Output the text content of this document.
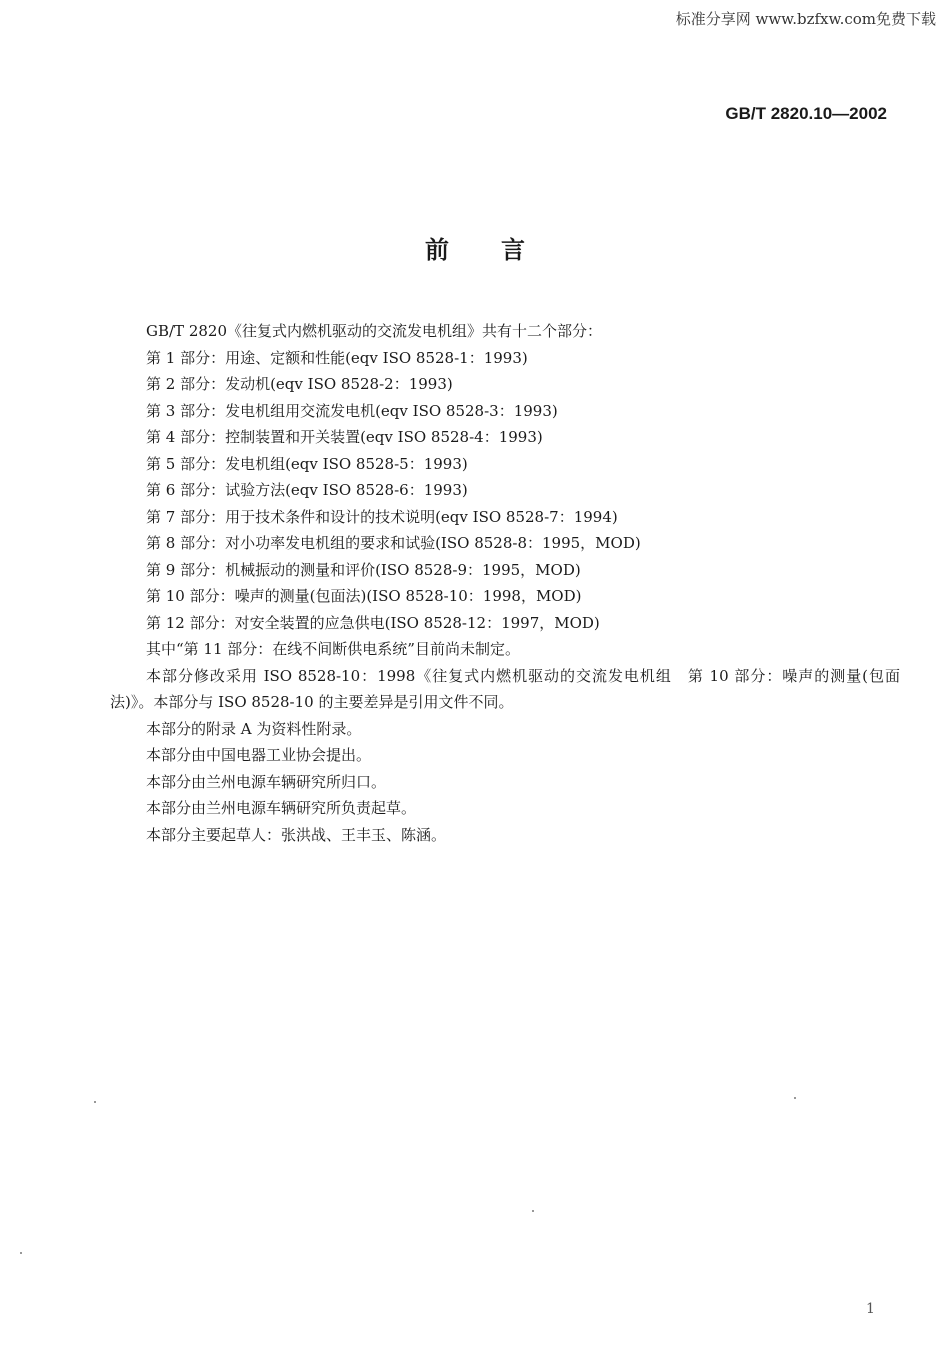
标准分享网 www.bzfxw.com免费下载
GB/T 2820.10—2002
前言

GB/T 2820《往复式内燃机驱动的交流发电机组》共有十二个部分：

第 1 部分：用途、定额和性能(eqv ISO 8528-1：1993)

第 2 部分：发动机(eqv ISO 8528-2：1993)

第 3 部分：发电机组用交流发电机(eqv ISO 8528-3：1993)

第 4 部分：控制装置和开关装置(eqv ISO 8528-4：1993)

第 5 部分：发电机组(eqv ISO 8528-5：1993)

第 6 部分：试验方法(eqv ISO 8528-6：1993)

第 7 部分：用于技术条件和设计的技术说明(eqv ISO 8528-7：1994)

第 8 部分：对小功率发电机组的要求和试验(ISO 8528-8：1995，MOD)

第 9 部分：机械振动的测量和评价(ISO 8528-9：1995，MOD)

第 10 部分：噪声的测量(包面法)(ISO 8528-10：1998，MOD)

第 12 部分：对安全装置的应急供电(ISO 8528-12：1997，MOD)

其中“第 11 部分：在线不间断供电系统”目前尚未制定。

本部分修改采用 ISO 8528-10：1998《往复式内燃机驱动的交流发电机组　第 10 部分：噪声的测量(包面法)》。本部分与 ISO 8528-10 的主要差异是引用文件不同。

本部分的附录 A 为资料性附录。

本部分由中国电器工业协会提出。

本部分由兰州电源车辆研究所归口。

本部分由兰州电源车辆研究所负责起草。

本部分主要起草人：张洪战、王丰玉、陈涵。

1
